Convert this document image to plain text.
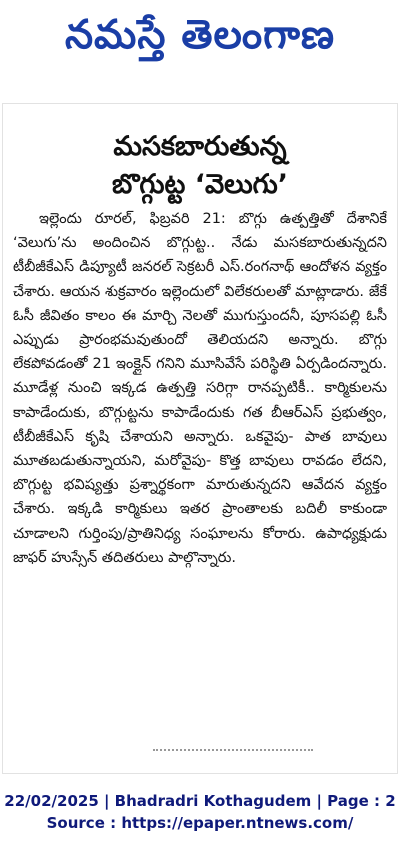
నమస్తే తెలంగాణ
మసకబారుతున్న
బొగ్గుట్ట ‘వెలుగు’

ఇల్లెందు రూరల్, ఫిబ్రవరి 21: బొగ్గు ఉత్పత్తితో దేశానికే ‘వెలుగు’ను అందించిన బొగ్గుట్ట.. నేడు మసకబారుతున్నదని టీబీజీకేఎస్ డిప్యూటీ జనరల్ సెక్రటరీ ఎస్.రంగనాథ్ ఆందోళన వ్యక్తం చేశారు. ఆయన శుక్రవారం ఇల్లెందులో విలేకరులతో మాట్లాడారు. జేకే ఓసీ జీవితం కాలం ఈ మార్చి నెలతో ముగుస్తుందనీ, పూసపల్లి ఓసీ ఎప్పుడు ప్రారంభమవుతుందో తెలియదని అన్నారు. బొగ్గు లేకపోవడంతో 21 ఇంక్లైన్ గనిని మూసివేసే పరిస్థితి ఏర్పడిందన్నారు. మూడేళ్ల నుంచి ఇక్కడ ఉత్పత్తి సరిగ్గా రానప్పటికీ.. కార్మికులను కాపాడేందుకు, బొగ్గుట్టను కాపాడేందుకు గత బీఆర్ఎస్ ప్రభుత్వం, టీబీజీకేఎస్ కృషి చేశాయని అన్నారు. ఒకవైపు- పాత బావులు మూతబడుతున్నాయని, మరోవైపు- కొత్త బావులు రావడం లేదని, బొగ్గుట్ట భవిష్యత్తు ప్రశ్నార్థకంగా మారుతున్నదని ఆవేదన వ్యక్తం చేశారు. ఇక్కడి కార్మికులు ఇతర ప్రాంతాలకు బదిలీ కాకుండా చూడాలని గుర్తింపు/ప్రాతినిధ్య సంఘాలను కోరారు. ఉపాధ్యక్షుడు జాఫర్ హుస్సేన్ తదితరులు పాల్గొన్నారు.

22/02/2025 | Bhadradri Kothagudem | Page : 2
Source : https://epaper.ntnews.com/
